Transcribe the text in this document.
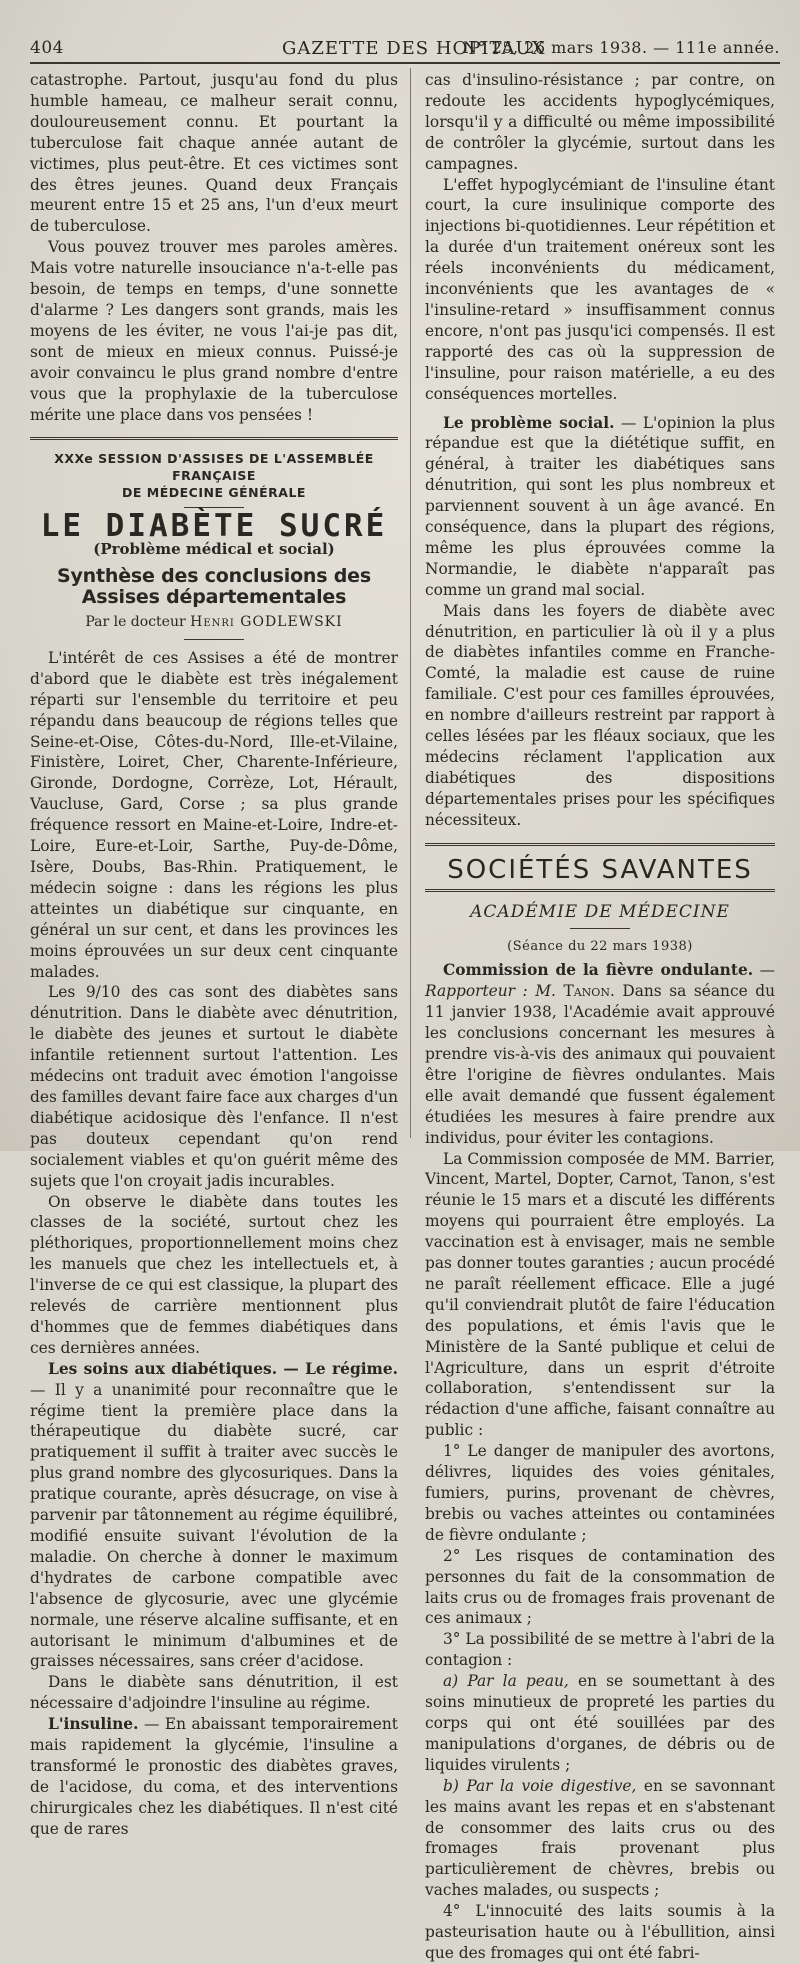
404	GAZETTE DES HOPITAUX
N° 25, 26 mars 1938. — 111e année.

catastrophe. Partout, jusqu'au fond du plus humble hameau, ce malheur serait connu, douloureusement connu. Et pourtant la tuberculose fait chaque année autant de victimes, plus peut-être. Et ces victimes sont des êtres jeunes. Quand deux Français meurent entre 15 et 25 ans, l'un d'eux meurt de tuberculose.

Vous pouvez trouver mes paroles amères. Mais votre naturelle insouciance n'a-t-elle pas besoin, de temps en temps, d'une sonnette d'alarme ? Les dangers sont grands, mais les moyens de les éviter, ne vous l'ai-je pas dit, sont de mieux en mieux connus. Puissé-je avoir convaincu le plus grand nombre d'entre vous que la prophylaxie de la tuberculose mérite une place dans vos pensées !

XXXe SESSION D'ASSISES DE L'ASSEMBLÉE FRANÇAISE
DE MÉDECINE GÉNÉRALE
LE DIABÈTE SUCRÉ
(Problème médical et social)
Synthèse des conclusions des Assises départementales
Par le docteur Henri GODLEWSKI

L'intérêt de ces Assises a été de montrer d'abord que le diabète est très inégalement réparti sur l'ensemble du territoire et peu répandu dans beaucoup de régions telles que Seine-et-Oise, Côtes-du-Nord, Ille-et-Vilaine, Finistère, Loiret, Cher, Charente-Inférieure, Gironde, Dordogne, Corrèze, Lot, Hérault, Vaucluse, Gard, Corse ; sa plus grande fréquence ressort en Maine-et-Loire, Indre-et-Loire, Eure-et-Loir, Sarthe, Puy-de-Dôme, Isère, Doubs, Bas-Rhin. Pratiquement, le médecin soigne : dans les régions les plus atteintes un diabétique sur cinquante, en général un sur cent, et dans les provinces les moins éprouvées un sur deux cent cinquante malades.

Les 9/10 des cas sont des diabètes sans dénutrition. Dans le diabète avec dénutrition, le diabète des jeunes et surtout le diabète infantile retiennent surtout l'attention. Les médecins ont traduit avec émotion l'angoisse des familles devant faire face aux charges d'un diabétique acidosique dès l'enfance. Il n'est pas douteux cependant qu'on rend socialement viables et qu'on guérit même des sujets que l'on croyait jadis incurables.

On observe le diabète dans toutes les classes de la société, surtout chez les pléthoriques, proportionnellement moins chez les manuels que chez les intellectuels et, à l'inverse de ce qui est classique, la plupart des relevés de carrière mentionnent plus d'hommes que de femmes diabétiques dans ces dernières années.

Les soins aux diabétiques. — Le régime. — Il y a unanimité pour reconnaître que le régime tient la première place dans la thérapeutique du diabète sucré, car pratiquement il suffit à traiter avec succès le plus grand nombre des glycosuriques. Dans la pratique courante, après désucrage, on vise à parvenir par tâtonnement au régime équilibré, modifié ensuite suivant l'évolution de la maladie. On cherche à donner le maximum d'hydrates de carbone compatible avec l'absence de glycosurie, avec une glycémie normale, une réserve alcaline suffisante, et en autorisant le minimum d'albumines et de graisses nécessaires, sans créer d'acidose.

Dans le diabète sans dénutrition, il est nécessaire d'adjoindre l'insuline au régime.

L'insuline. — En abaissant temporairement mais rapidement la glycémie, l'insuline a transformé le pronostic des diabètes graves, de l'acidose, du coma, et des interventions chirurgicales chez les diabétiques. Il n'est cité que de rares

cas d'insulino-résistance ; par contre, on redoute les accidents hypoglycémiques, lorsqu'il y a difficulté ou même impossibilité de contrôler la glycémie, surtout dans les campagnes.

L'effet hypoglycémiant de l'insuline étant court, la cure insulinique comporte des injections bi-quotidiennes. Leur répétition et la durée d'un traitement onéreux sont les réels inconvénients du médicament, inconvénients que les avantages de « l'insuline-retard » insuffisamment connus encore, n'ont pas jusqu'ici compensés. Il est rapporté des cas où la suppression de l'insuline, pour raison matérielle, a eu des conséquences mortelles.

Le problème social. — L'opinion la plus répandue est que la diététique suffit, en général, à traiter les diabétiques sans dénutrition, qui sont les plus nombreux et parviennent souvent à un âge avancé. En conséquence, dans la plupart des régions, même les plus éprouvées comme la Normandie, le diabète n'apparaît pas comme un grand mal social.

Mais dans les foyers de diabète avec dénutrition, en particulier là où il y a plus de diabètes infantiles comme en Franche-Comté, la maladie est cause de ruine familiale. C'est pour ces familles éprouvées, en nombre d'ailleurs restreint par rapport à celles lésées par les fléaux sociaux, que les médecins réclament l'application aux diabétiques des dispositions départementales prises pour les spécifiques nécessiteux.

SOCIÉTÉS SAVANTES
ACADÉMIE DE MÉDECINE
(Séance du 22 mars 1938)

Commission de la fièvre ondulante. — Rapporteur : M. Tanon. Dans sa séance du 11 janvier 1938, l'Académie avait approuvé les conclusions concernant les mesures à prendre vis-à-vis des animaux qui pouvaient être l'origine de fièvres ondulantes. Mais elle avait demandé que fussent également étudiées les mesures à faire prendre aux individus, pour éviter les contagions.

La Commission composée de MM. Barrier, Vincent, Martel, Dopter, Carnot, Tanon, s'est réunie le 15 mars et a discuté les différents moyens qui pourraient être employés. La vaccination est à envisager, mais ne semble pas donner toutes garanties ; aucun procédé ne paraît réellement efficace. Elle a jugé qu'il conviendrait plutôt de faire l'éducation des populations, et émis l'avis que le Ministère de la Santé publique et celui de l'Agriculture, dans un esprit d'étroite collaboration, s'entendissent sur la rédaction d'une affiche, faisant connaître au public :

1° Le danger de manipuler des avortons, délivres, liquides des voies génitales, fumiers, purins, provenant de chèvres, brebis ou vaches atteintes ou contaminées de fièvre ondulante ;

2° Les risques de contamination des personnes du fait de la consommation de laits crus ou de fromages frais provenant de ces animaux ;

3° La possibilité de se mettre à l'abri de la contagion :

a) Par la peau, en se soumettant à des soins minutieux de propreté les parties du corps qui ont été souillées par des manipulations d'organes, de débris ou de liquides virulents ;

b) Par la voie digestive, en se savonnant les mains avant les repas et en s'abstenant de consommer des laits crus ou des fromages frais provenant plus particulièrement de chèvres, brebis ou vaches malades, ou suspects ;

4° L'innocuité des laits soumis à la pasteurisation haute ou à l'ébullition, ainsi que des fromages qui ont été fabri-
